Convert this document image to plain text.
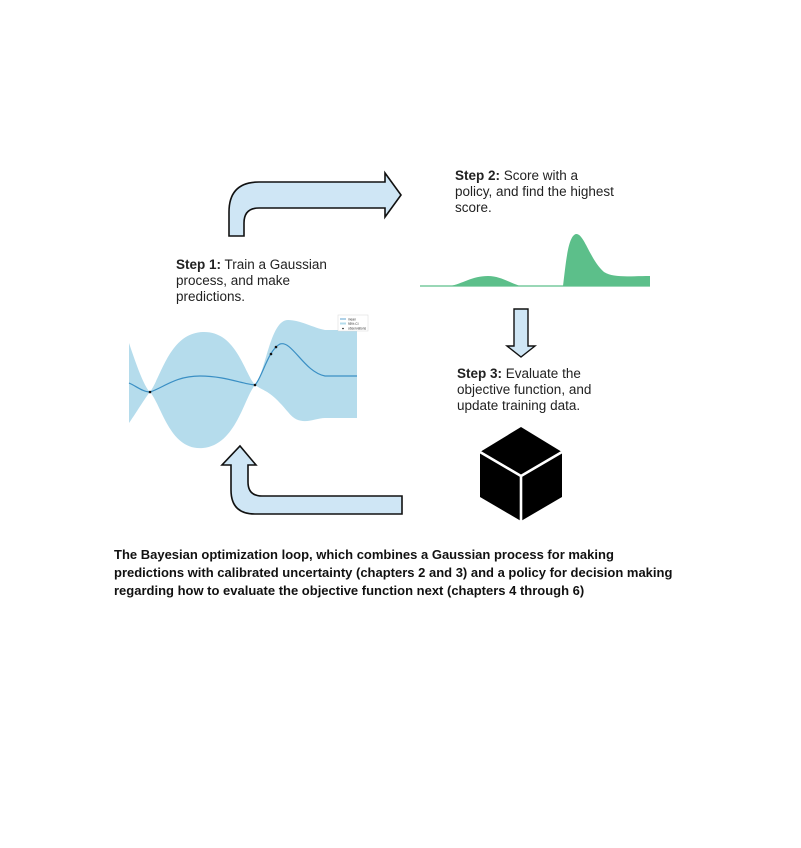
Step 1: Train a Gaussian process, and make predictions.
Step 2: Score with a policy, and find the highest score.
Step 3: Evaluate the objective function, and update training data.
mean
95% CI
observations
The Bayesian optimization loop, which combines a Gaussian process for making predictions with calibrated uncertainty (chapters 2 and 3) and a policy for decision making regarding how to evaluate the objective function next (chapters 4 through 6)
